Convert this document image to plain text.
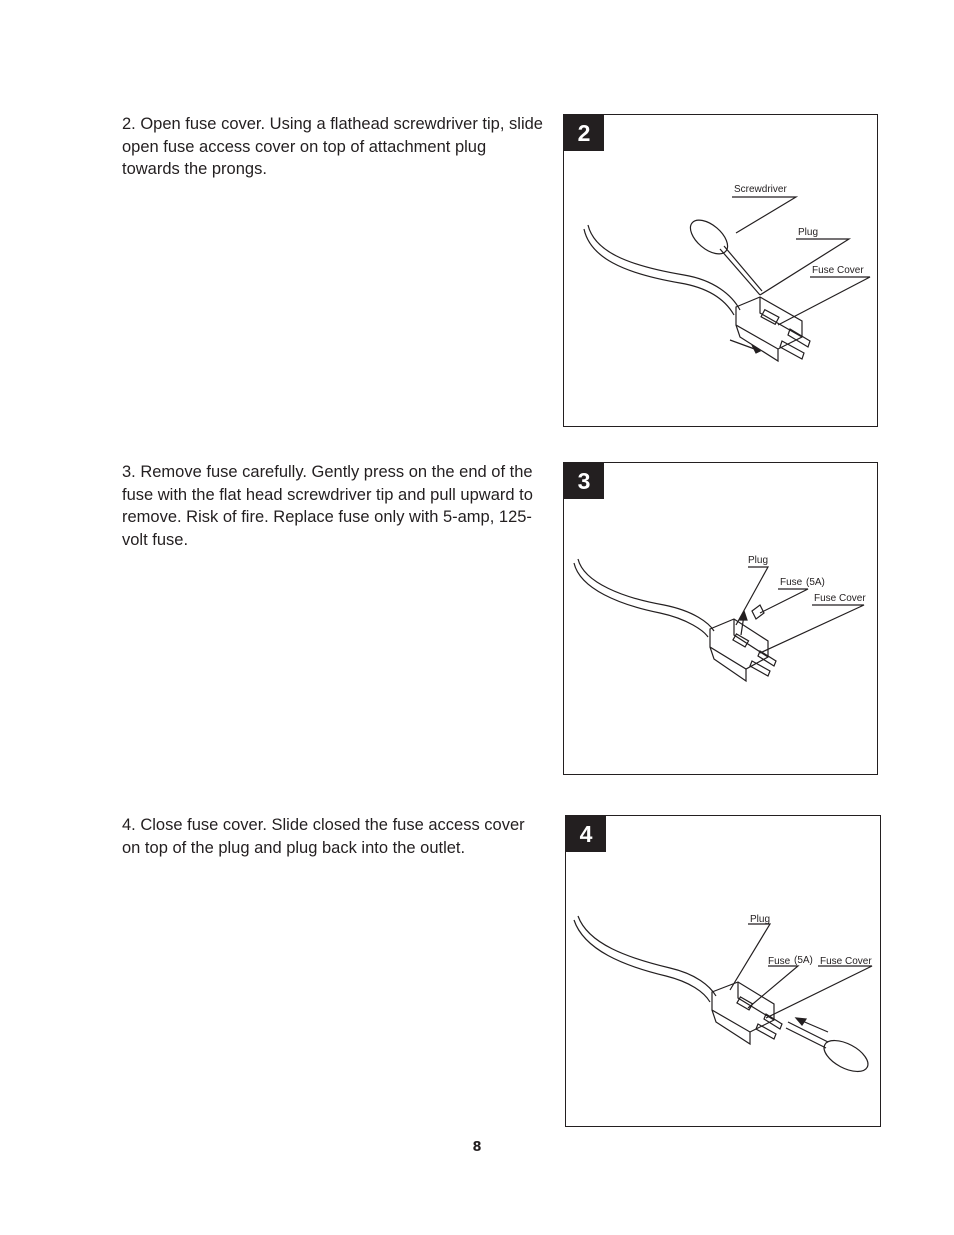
2. Open fuse cover. Using a flathead screwdriver tip, slide open fuse access cover on top of attachment plug towards the prongs.

2
Screwdriver
Plug
Fuse Cover

3. Remove fuse carefully. Gently press on the end of the fuse with the flat head screwdriver tip and pull upward to remove. Risk of fire. Replace fuse only with 5-amp, 125-volt fuse.

3
Plug
Fuse (5A)
Fuse Cover

4. Close fuse cover. Slide closed the fuse access cover on top of the plug and plug back into the outlet.

4
Plug
Fuse (5A) Fuse Cover
8
